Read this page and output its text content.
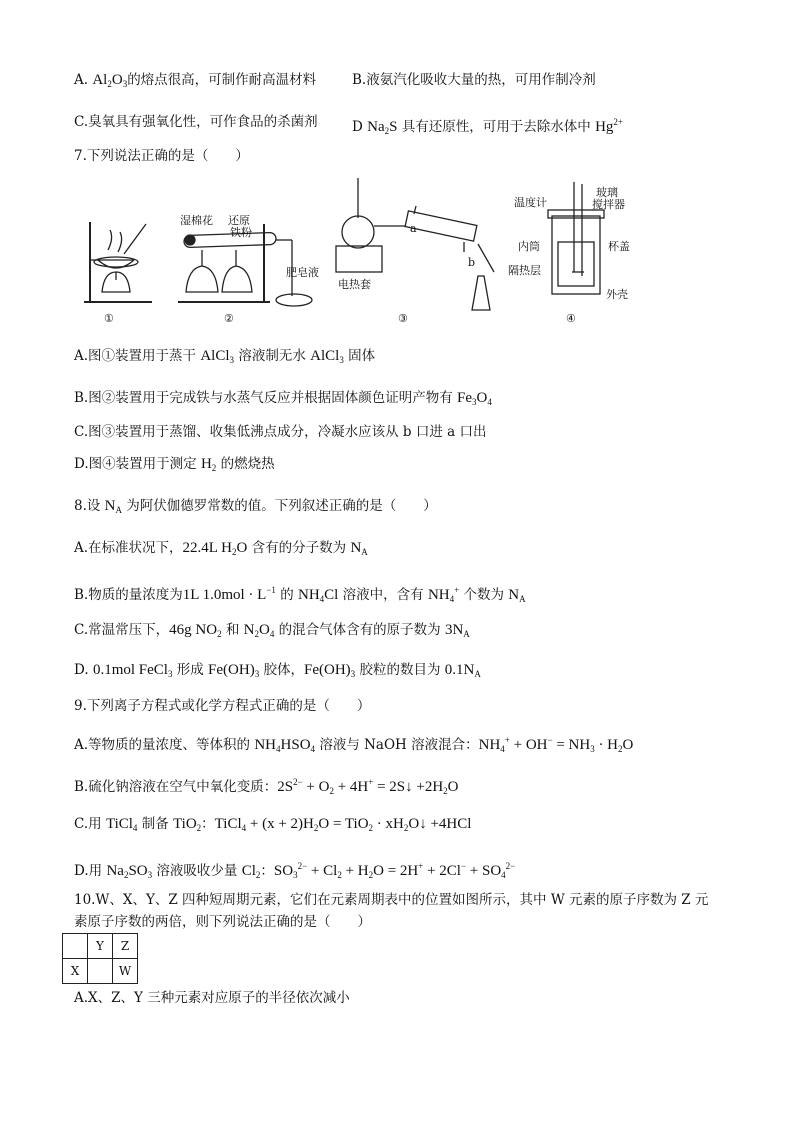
A. $Al_2O_3$的熔点很高，可制作耐高温材料	B.液氨汽化吸收大量的热，可用作制冷剂
C.臭氧具有强氧化性，可作食品的杀菌剂	D $Na_2S$ 具有还原性，可用于去除水体中 $Hg^{2+}$
7.下列说法正确的是（　　）
湿棉花 还原
铁粉
肥皂液
电热套
a
b
温度计
玻璃
搅拌器
内筒	杯盖
隔热层
外壳
①	②	③	④
A.图①装置用于蒸干 AlCl$_3$ 溶液制无水 AlCl$_3$ 固体
B.图②装置用于完成铁与水蒸气反应并根据固体颜色证明产物有 $Fe_3O_4$
C.图③装置用于蒸馏、收集低沸点成分，冷凝水应该从 b 口进 a 口出
D.图④装置用于测定 $H_2$ 的燃烧热
8.设 $N_A$ 为阿伏伽德罗常数的值。下列叙述正确的是（　　）
A.在标准状况下，22.4L $H_2O$ 含有的分子数为 $N_A$
B.物质的量浓度为1L $1.0mol \cdot L^{-1}$ 的 $NH_4Cl$ 溶液中，含有 $NH_4^+$ 个数为 $N_A$
C.常温常压下，46g $NO_2$ 和 $N_2O_4$ 的混合气体含有的原子数为 $3N_A$
D. 0.1mol FeCl$_3$ 形成 $Fe(OH)_3$ 胶体，$Fe(OH)_3$ 胶粒的数目为 $0.1N_A$
9.下列离子方程式或化学方程式正确的是（　　）
A.等物质的量浓度、等体积的 $NH_4HSO_4$ 溶液与 NaOH 溶液混合：$NH_4^+ + OH^- = NH_3 \cdot H_2O$
B.硫化钠溶液在空气中氧化变质：$2S^{2-} + O_2 + 4H^+$ = 2S↓ $+2H_2O$
C.用 TiCl$_4$ 制备 TiO$_2$：TiCl$_4$ + $(x + 2)H_2O = TiO_2$ · $xH_2O↓ +4HCl$
D.用 $Na_2SO_3$ 溶液吸收少量 $Cl_2$：$SO_3^{2-} + Cl_2 + H_2O = 2H^+ + 2Cl^- + SO_4^{2-}$
10.W、X、Y、Z 四种短周期元素，它们在元素周期表中的位置如图所示，其中 W 元素的原子序数为 Z 元
素原子序数的两倍，则下列说法正确的是（　　）
	Y	Z
X		W
A.X、Z、Y 三种元素对应原子的半径依次减小
